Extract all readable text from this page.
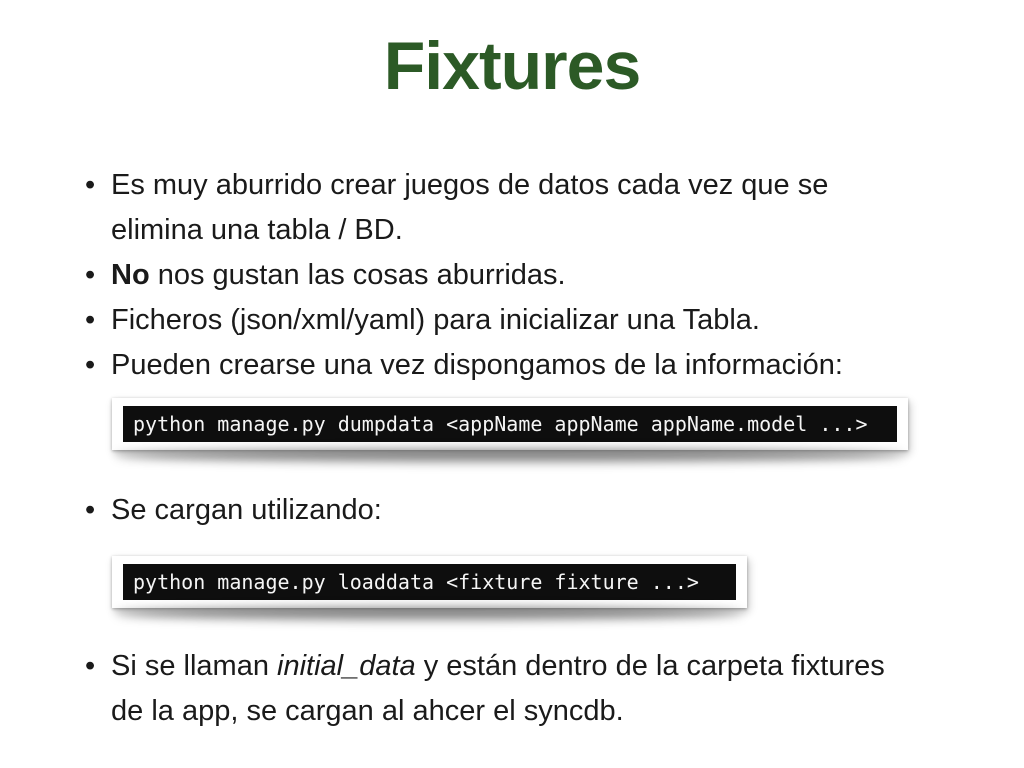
Fixtures
• Es muy aburrido crear juegos de datos cada vez que se
elimina una tabla / BD.
• No nos gustan las cosas aburridas.
• Ficheros (json/xml/yaml) para inicializar una Tabla.
• Pueden crearse una vez dispongamos de la información:
python manage.py dumpdata <appName appName appName.model ...>
• Se cargan utilizando:
python manage.py loaddata <fixture fixture ...>
• Si se llaman initial_data y están dentro de la carpeta fixtures
de la app, se cargan al ahcer el syncdb.
